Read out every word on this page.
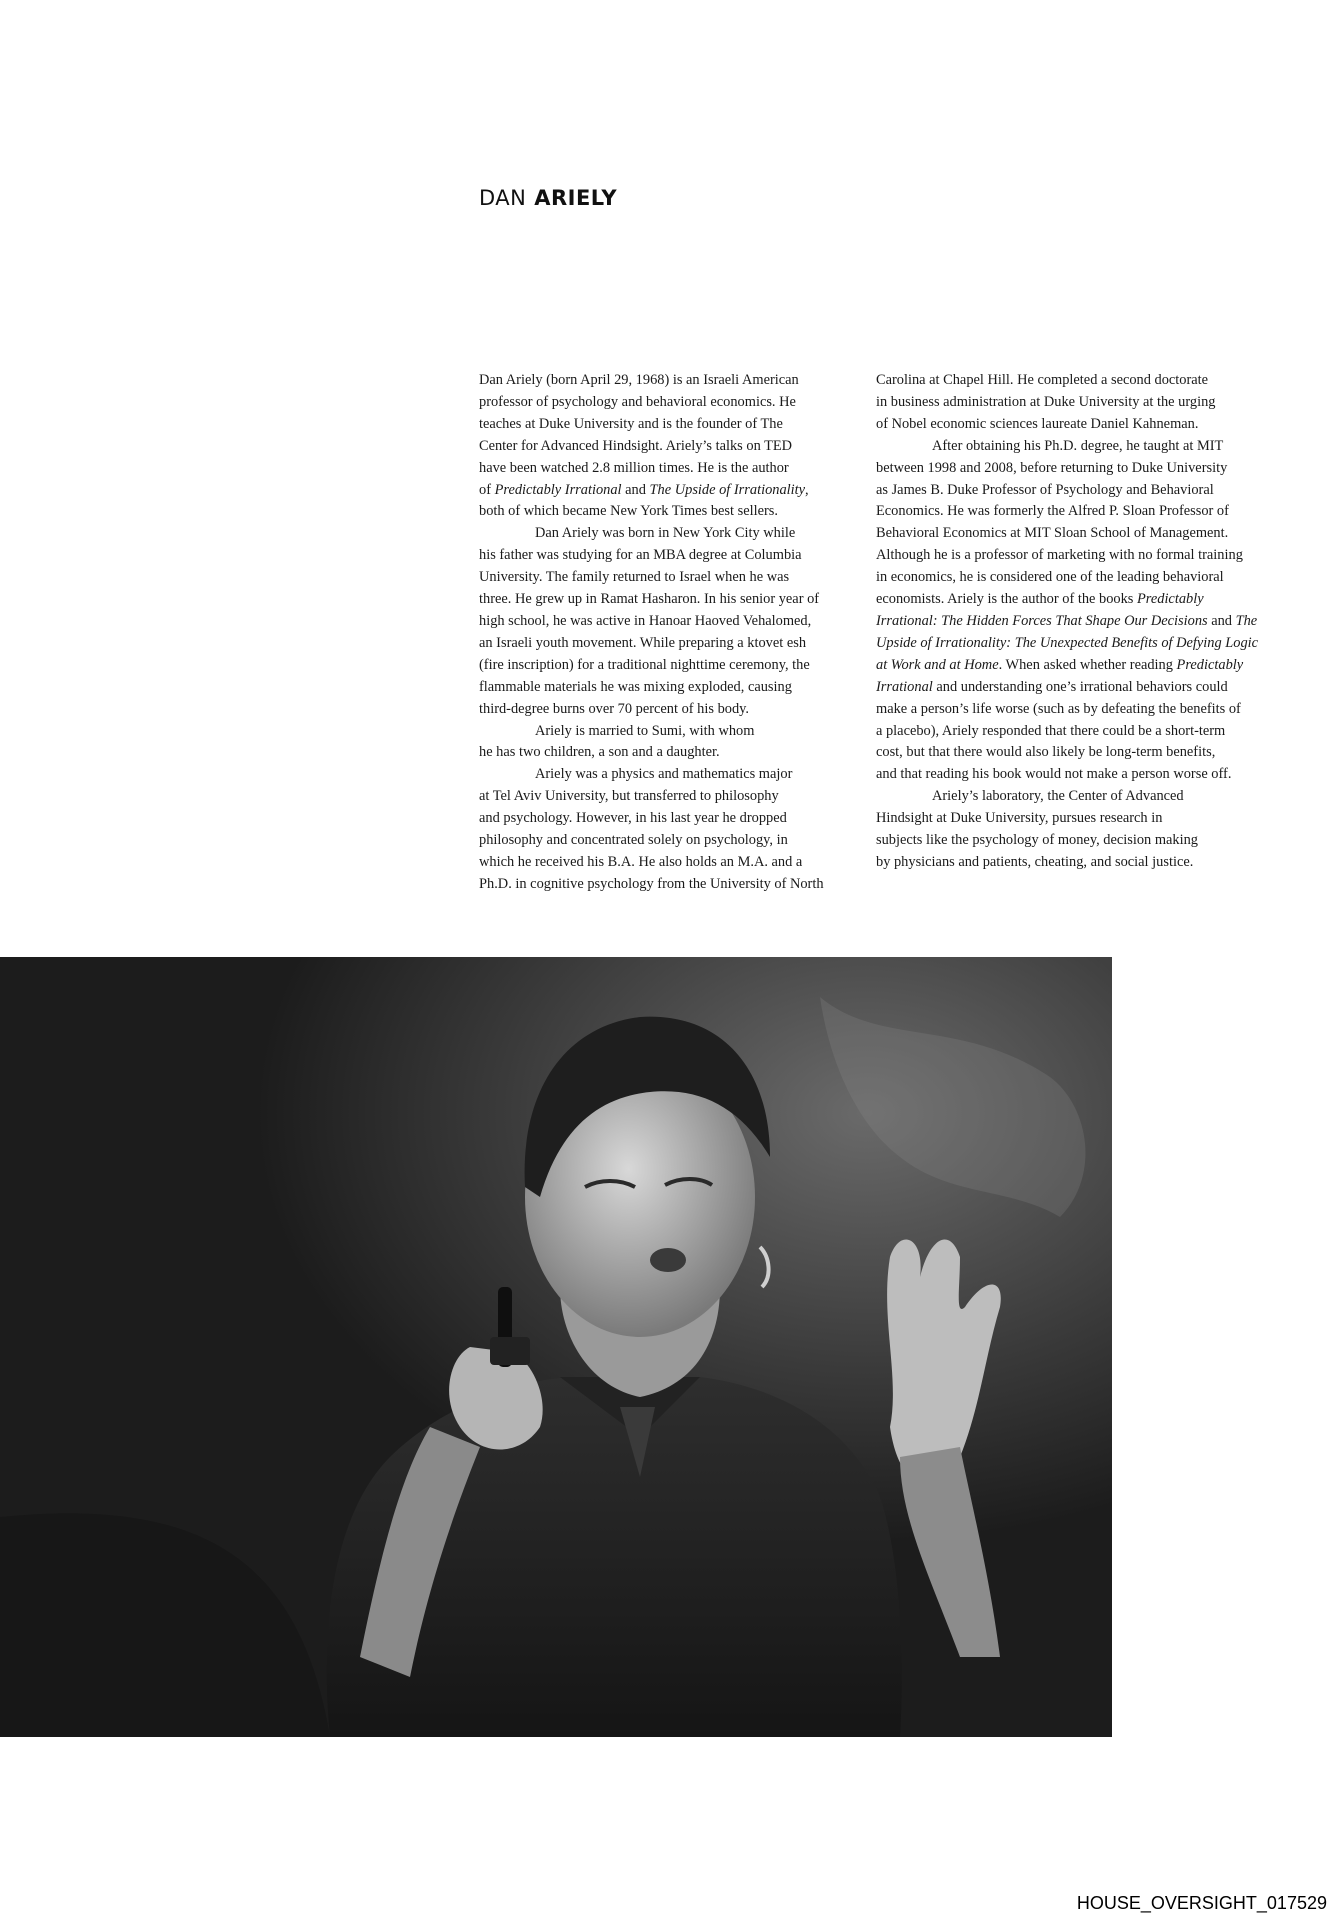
DAN ARIELY
Dan Ariely (born April 29, 1968) is an Israeli American
professor of psychology and behavioral economics. He
teaches at Duke University and is the founder of The
Center for Advanced Hindsight. Ariely’s talks on TED
have been watched 2.8 million times. He is the author
of Predictably Irrational and The Upside of Irrationality,
both of which became New York Times best sellers.
Dan Ariely was born in New York City while
his father was studying for an MBA degree at Columbia
University. The family returned to Israel when he was
three. He grew up in Ramat Hasharon. In his senior year of
high school, he was active in Hanoar Haoved Vehalomed,
an Israeli youth movement. While preparing a ktovet esh
(fire inscription) for a traditional nighttime ceremony, the
flammable materials he was mixing exploded, causing
third-degree burns over 70 percent of his body.
Ariely is married to Sumi, with whom
he has two children, a son and a daughter.
Ariely was a physics and mathematics major
at Tel Aviv University, but transferred to philosophy
and psychology. However, in his last year he dropped
philosophy and concentrated solely on psychology, in
which he received his B.A. He also holds an M.A. and a
Ph.D. in cognitive psychology from the University of North
Carolina at Chapel Hill. He completed a second doctorate
in business administration at Duke University at the urging
of Nobel economic sciences laureate Daniel Kahneman.
After obtaining his Ph.D. degree, he taught at MIT
between 1998 and 2008, before returning to Duke University
as James B. Duke Professor of Psychology and Behavioral
Economics. He was formerly the Alfred P. Sloan Professor of
Behavioral Economics at MIT Sloan School of Management.
Although he is a professor of marketing with no formal training
in economics, he is considered one of the leading behavioral
economists. Ariely is the author of the books Predictably
Irrational: The Hidden Forces That Shape Our Decisions and The
Upside of Irrationality: The Unexpected Benefits of Defying Logic
at Work and at Home. When asked whether reading Predictably
Irrational and understanding one’s irrational behaviors could
make a person’s life worse (such as by defeating the benefits of
a placebo), Ariely responded that there could be a short-term
cost, but that there would also likely be long-term benefits,
and that reading his book would not make a person worse off.
Ariely’s laboratory, the Center of Advanced
Hindsight at Duke University, pursues research in
subjects like the psychology of money, decision making
by physicians and patients, cheating, and social justice.
HOUSE_OVERSIGHT_017529
